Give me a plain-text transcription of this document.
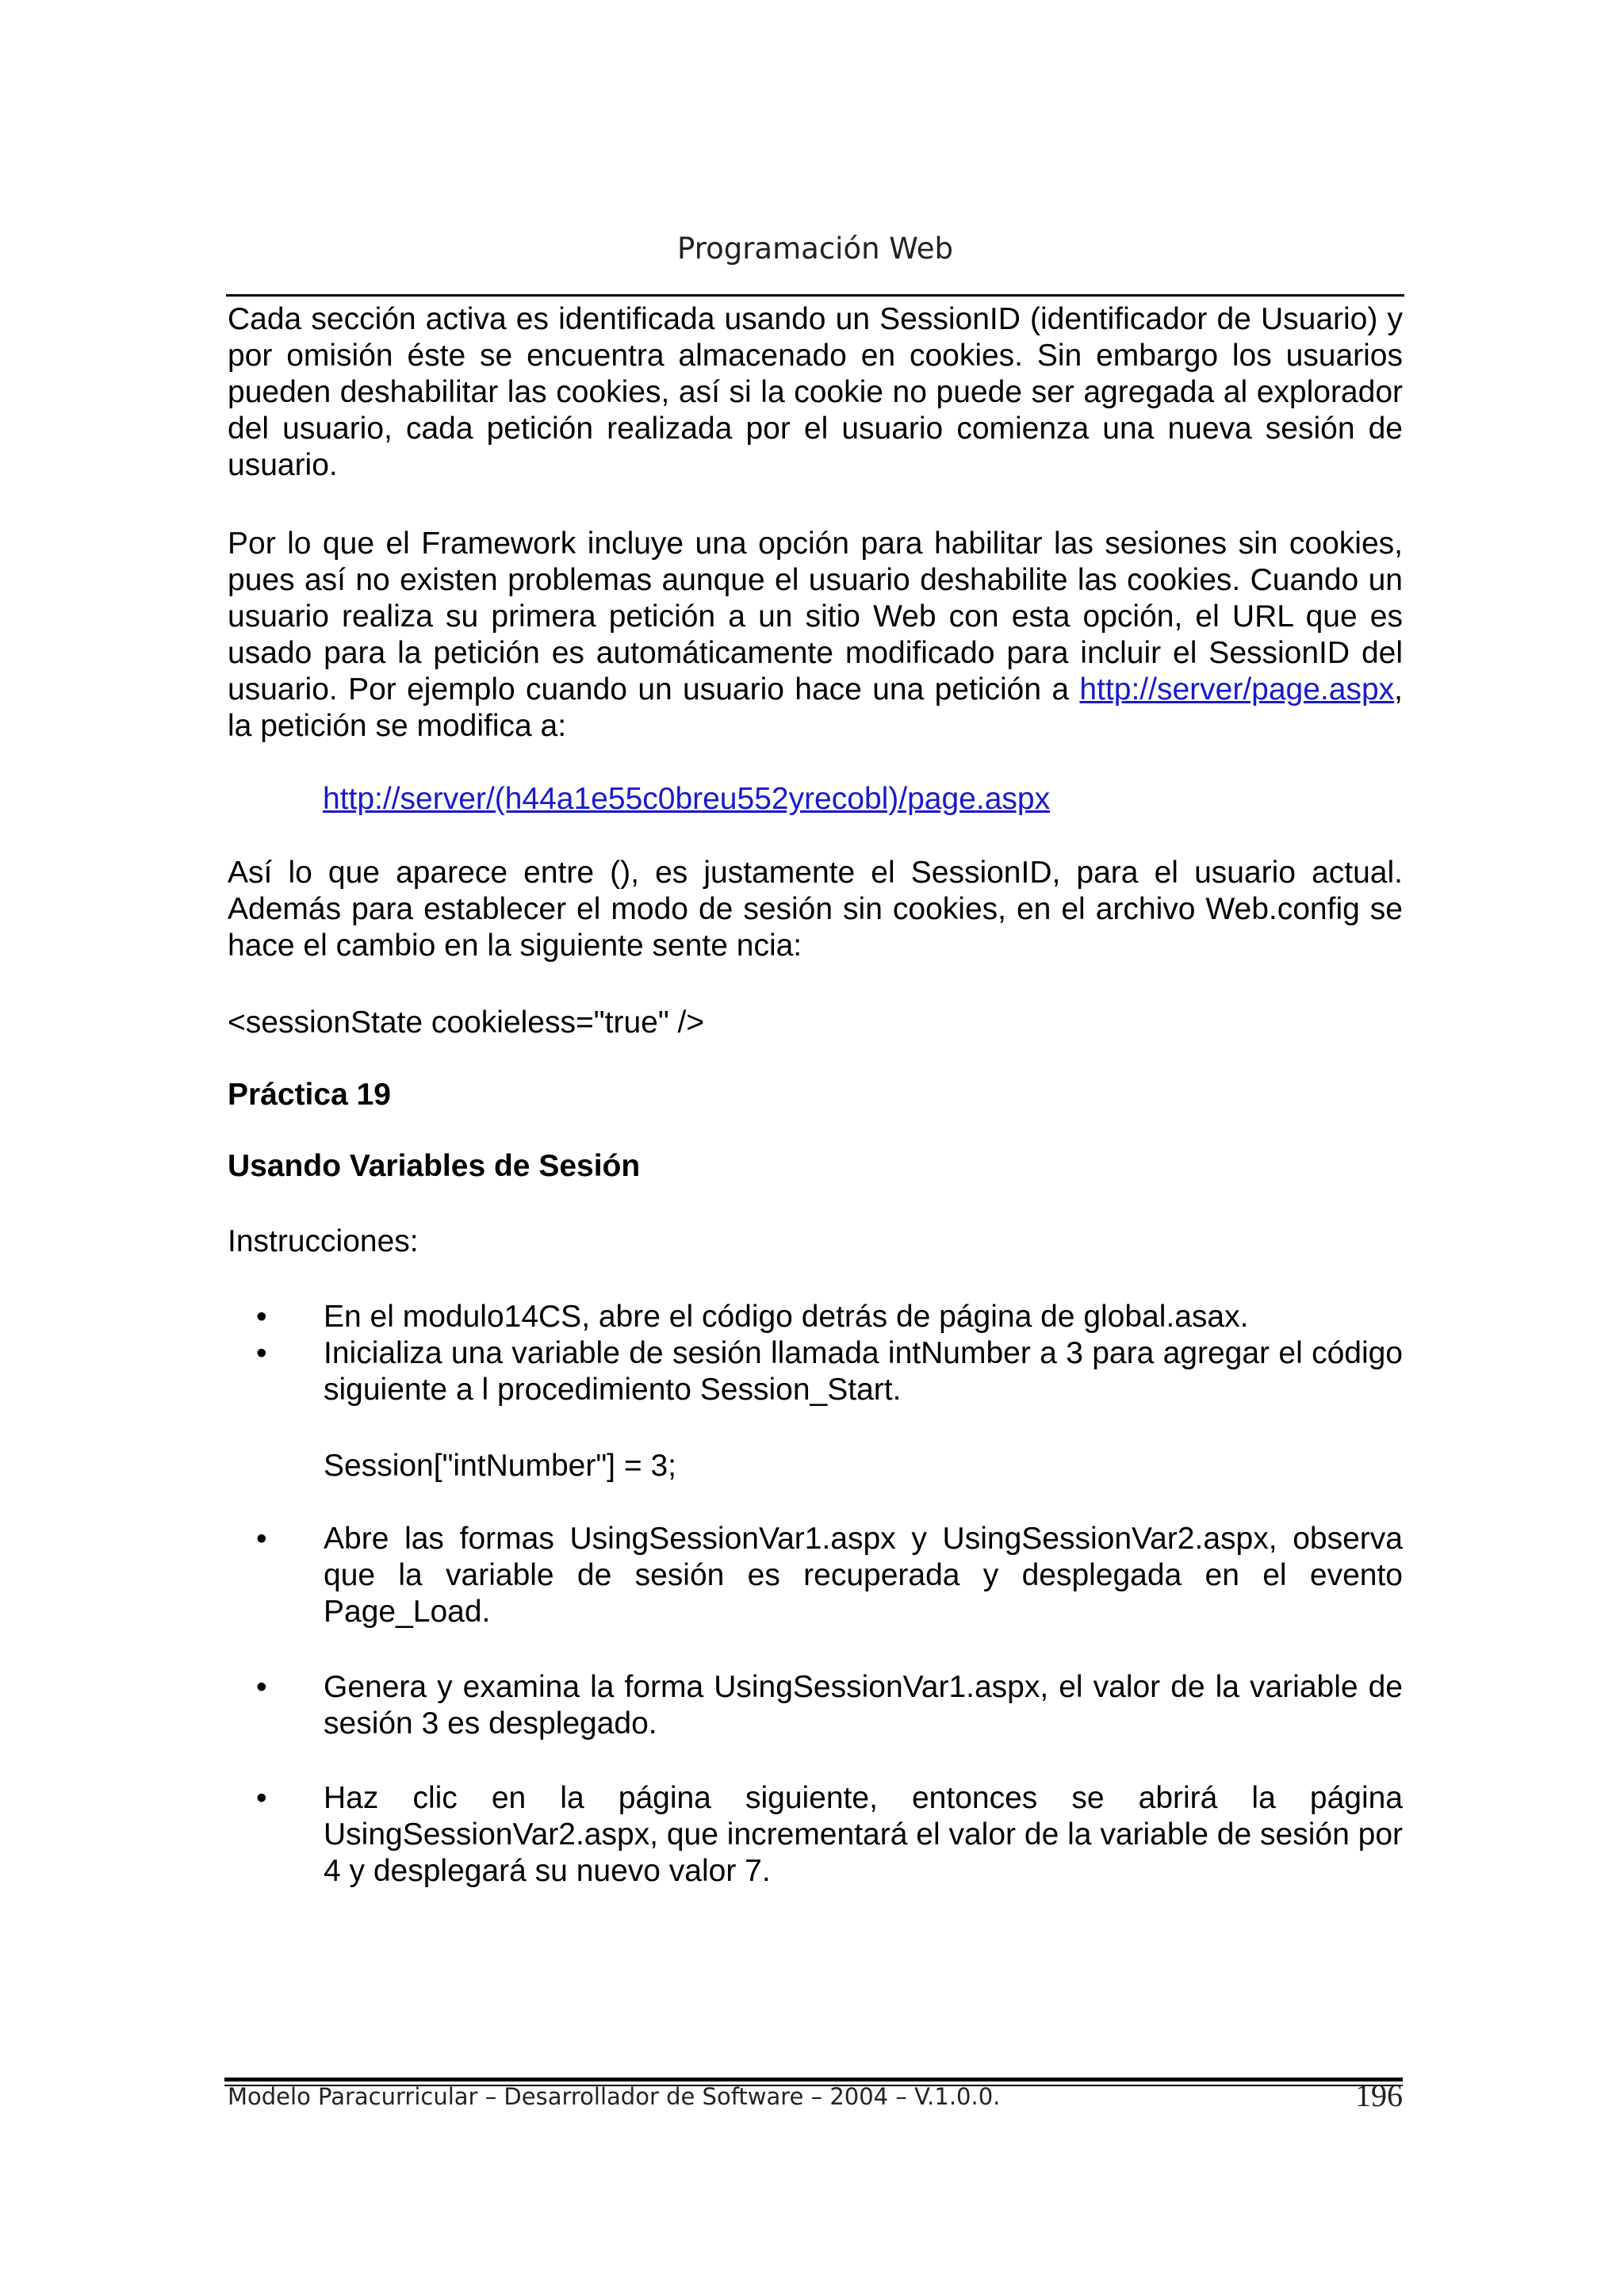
Programación Web
Cada sección activa es identificada usando un SessionID (identificador de Usuario) y por omisión éste se encuentra almacenado en cookies. Sin embargo los usuarios pueden deshabilitar las cookies, así si la cookie no puede ser agregada al explorador del usuario, cada petición realizada por el usuario comienza una nueva sesión de usuario.
Por lo que el Framework incluye una opción para habilitar las sesiones sin cookies, pues así no existen problemas aunque el usuario deshabilite las cookies. Cuando un usuario realiza su primera petición a un sitio Web con esta opción, el URL que es usado para la petición es automáticamente modificado para incluir el SessionID del usuario. Por ejemplo cuando un usuario hace una petición a http://server/page.aspx, la petición se modifica a:
http://server/(h44a1e55c0breu552yrecobl)/page.aspx
Así lo que aparece entre (), es justamente el SessionID, para el usuario actual. Además para establecer el modo de sesión sin cookies, en el archivo Web.config se hace el cambio en la siguiente sente ncia:
<sessionState cookieless="true" />
Práctica 19
Usando Variables de Sesión
Instrucciones:
• En el modulo14CS, abre el código detrás de página de global.asax.
• Inicializa una variable de sesión llamada intNumber a 3 para agregar el código siguiente a l procedimiento Session_Start.
Session["intNumber"] = 3;
• Abre las formas UsingSessionVar1.aspx y UsingSessionVar2.aspx, observa que la variable de sesión es recuperada y desplegada en el evento Page_Load.
• Genera y examina la forma UsingSessionVar1.aspx, el valor de la variable de sesión 3 es desplegado.
• Haz clic en la página siguiente, entonces se abrirá la página UsingSessionVar2.aspx, que incrementará el valor de la variable de sesión por 4 y desplegará su nuevo valor 7.
Modelo Paracurricular – Desarrollador de Software – 2004 – V.1.0.0.	196
